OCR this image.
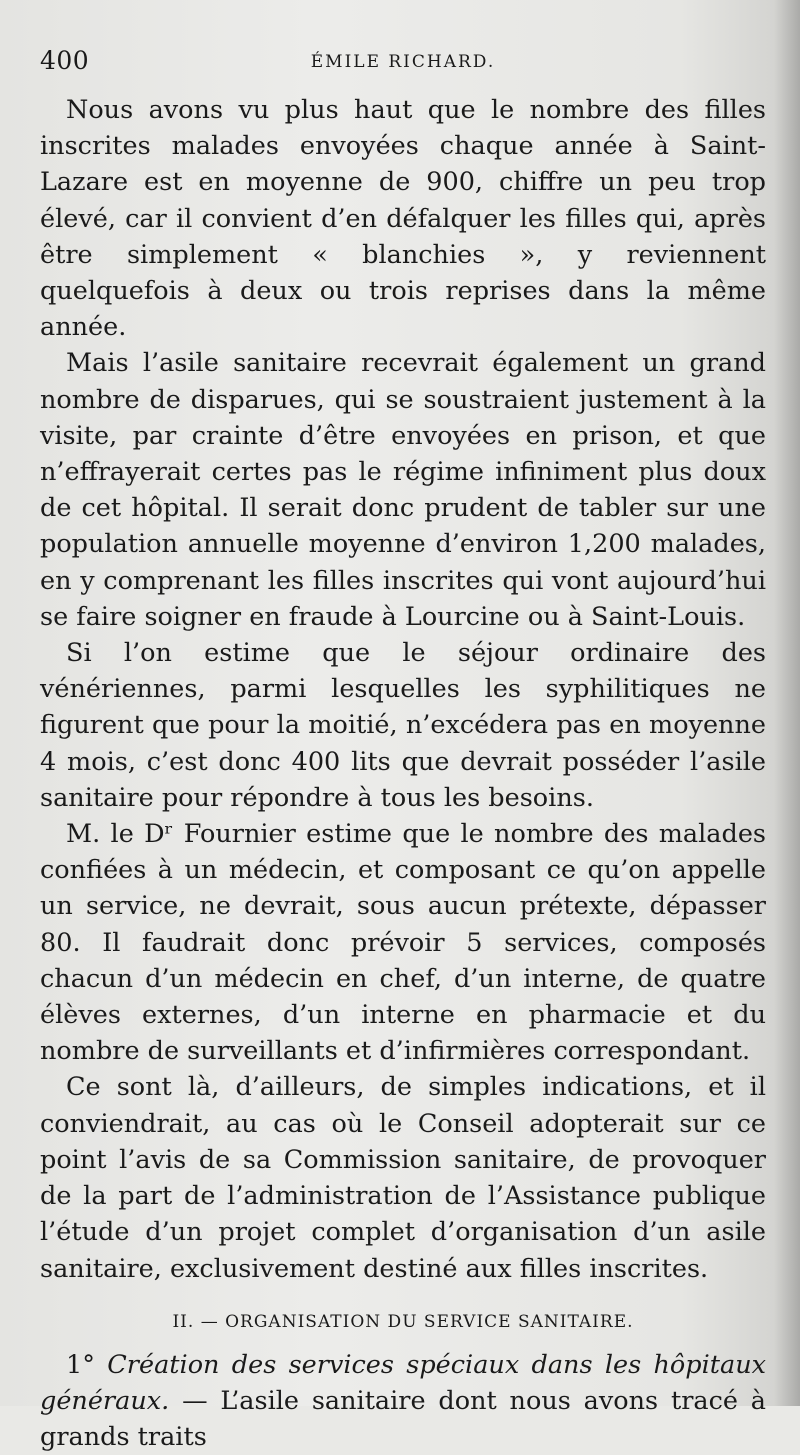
400	ÉMILE RICHARD.

Nous avons vu plus haut que le nombre des filles inscrites malades envoyées chaque année à Saint-Lazare est en moyenne de 900, chiffre un peu trop élevé, car il convient d’en défalquer les filles qui, après être simplement « blanchies », y reviennent quelquefois à deux ou trois reprises dans la même année.

Mais l’asile sanitaire recevrait également un grand nombre de disparues, qui se soustraient justement à la visite, par crainte d’être envoyées en prison, et que n’effrayerait certes pas le régime infiniment plus doux de cet hôpital. Il serait donc prudent de tabler sur une population annuelle moyenne d’environ 1,200 malades, en y comprenant les filles inscrites qui vont aujourd’hui se faire soigner en fraude à Lourcine ou à Saint-Louis.

Si l’on estime que le séjour ordinaire des vénériennes, parmi lesquelles les syphilitiques ne figurent que pour la moitié, n’excédera pas en moyenne 4 mois, c’est donc 400 lits que devrait posséder l’asile sanitaire pour répondre à tous les besoins.

M. le Dʳ Fournier estime que le nombre des malades confiées à un médecin, et composant ce qu’on appelle un service, ne devrait, sous aucun prétexte, dépasser 80. Il faudrait donc prévoir 5 services, composés chacun d’un médecin en chef, d’un interne, de quatre élèves externes, d’un interne en pharmacie et du nombre de surveillants et d’infirmières correspondant.

Ce sont là, d’ailleurs, de simples indications, et il conviendrait, au cas où le Conseil adopterait sur ce point l’avis de sa Commission sanitaire, de provoquer de la part de l’administration de l’Assistance publique l’étude d’un projet complet d’organisation d’un asile sanitaire, exclusivement destiné aux filles inscrites.

II. — ORGANISATION DU SERVICE SANITAIRE.

1° Création des services spéciaux dans les hôpitaux généraux. — L’asile sanitaire dont nous avons tracé à grands traits
